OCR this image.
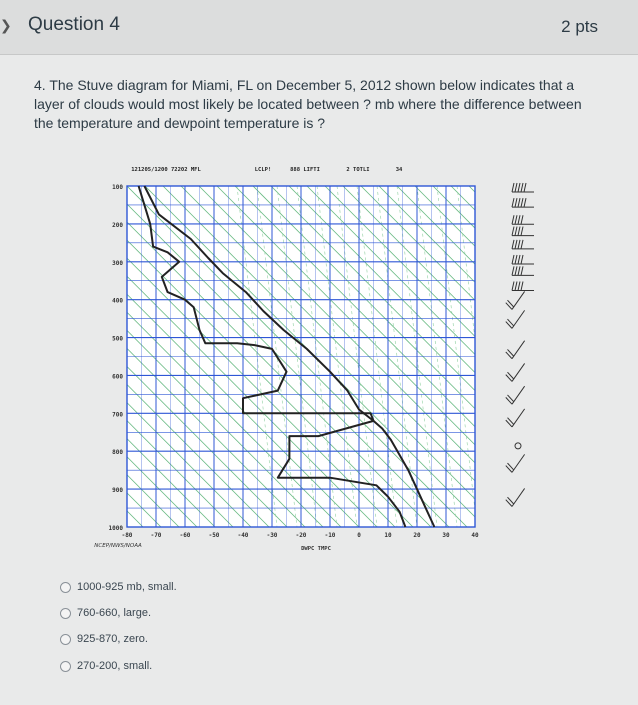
❯ Question 4	2 pts
4. The Stuve diagram for Miami, FL on December 5, 2012 shown below indicates that a layer of clouds would most likely be located between ? mb where the difference between the temperature and dewpoint temperature is ?
100
200
300
400
500
600
700
800
900
1000
-80	-70	-60	-50	-40	-30	-20	-10	0	10	20	30	40
121205/1200 72202 MFL	LCLP!	888 LIFTI	2 TOTLI	34
NCEP/NWS/NOAA	DWPC TMPC
1000-925 mb, small.
760-660, large.
925-870, zero.
270-200, small.
